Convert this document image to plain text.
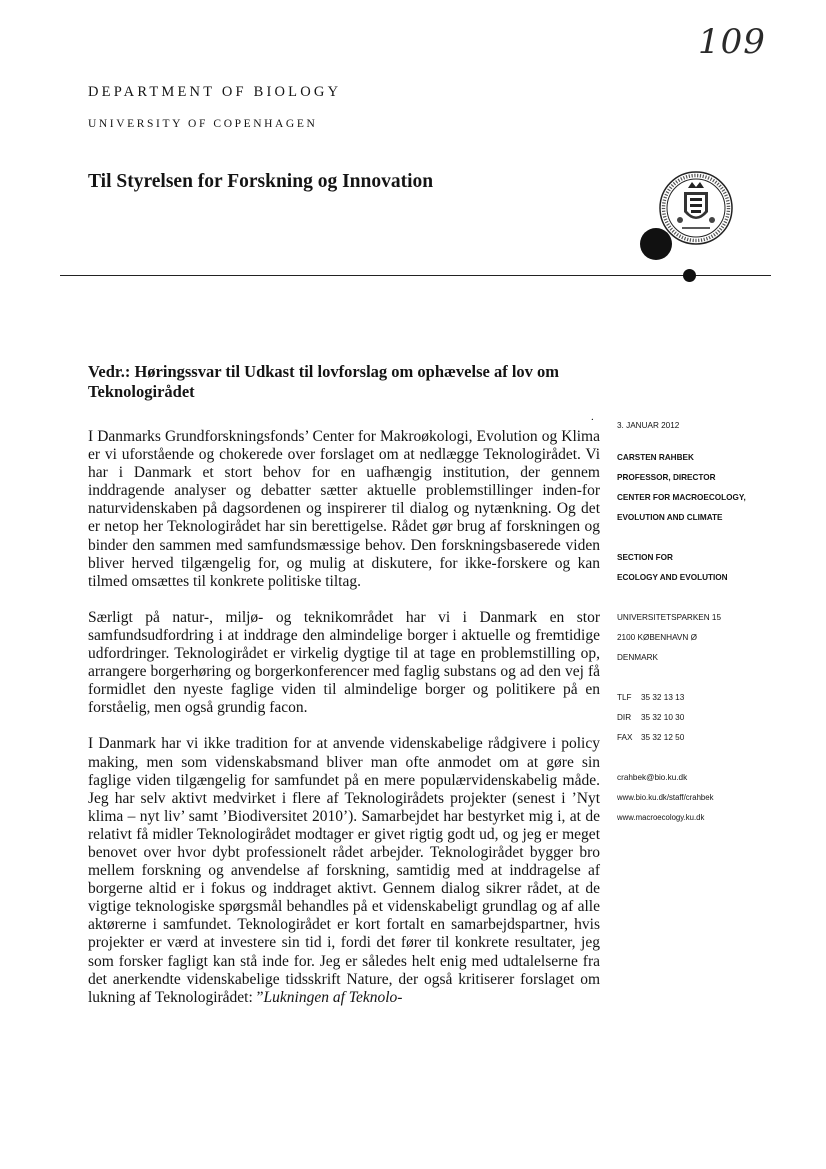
109
DEPARTMENT OF BIOLOGY
UNIVERSITY OF COPENHAGEN
Til Styrelsen for Forskning og Innovation
Vedr.: Høringssvar til Udkast til lovforslag om ophævelse af lov om Teknologirådet
.

I Danmarks Grundforskningsfonds’ Center for Makroøkologi, Evolution og Klima er vi uforstående og chokerede over forslaget om at nedlægge Teknologirådet. Vi har i Danmark et stort behov for en uafhængig institution, der gennem inddragende analyser og debatter sætter aktuelle problemstillinger inden-for naturvidenskaben på dagsordenen og inspirerer til dialog og nytænkning. Og det er netop her Teknologirådet har sin berettigelse. Rådet gør brug af forskningen og binder den sammen med samfundsmæssige behov. Den forskningsbaserede viden bliver herved tilgængelig for, og mulig at diskutere, for ikke-forskere og kan tilmed omsættes til konkrete politiske tiltag.

Særligt på natur-, miljø- og teknikområdet har vi i Danmark en stor samfundsudfordring i at inddrage den almindelige borger i aktuelle og fremtidige udfordringer. Teknologirådet er virkelig dygtige til at tage en problemstilling op, arrangere borgerhøring og borgerkonferencer med faglig substans og ad den vej få formidlet den nyeste faglige viden til almindelige borger og politikere på en forståelig, men også grundig facon.

I Danmark har vi ikke tradition for at anvende videnskabelige rådgivere i policy making, men som videnskabsmand bliver man ofte anmodet om at gøre sin faglige viden tilgængelig for samfundet på en mere populærvidenskabelig måde. Jeg har selv aktivt medvirket i flere af Teknologirådets projekter (senest i ’Nyt klima – nyt liv’ samt ’Biodiversitet 2010’). Samarbejdet har bestyrket mig i, at de relativt få midler Teknologirådet modtager er givet rigtig godt ud, og jeg er meget benovet over hvor dybt professionelt rådet arbejder. Teknologirådet bygger bro mellem forskning og anvendelse af forskning, samtidig med at inddragelse af borgerne altid er i fokus og inddraget aktivt. Gennem dialog sikrer rådet, at de vigtige teknologiske spørgsmål behandles på et videnskabeligt grundlag og af alle aktørerne i samfundet. Teknologirådet er kort fortalt en samarbejdspartner, hvis projekter er værd at investere sin tid i, fordi det fører til konkrete resultater, jeg som forsker fagligt kan stå inde for. Jeg er således helt enig med udtalelserne fra det anerkendte videnskabelige tidsskrift Nature, der også kritiserer forslaget om lukning af Teknologirådet: ”Lukningen af Teknolo-

3. JANUAR 2012
CARSTEN RAHBEK
PROFESSOR, DIRECTOR
CENTER FOR MACROECOLOGY,
EVOLUTION AND CLIMATE
SECTION FOR
ECOLOGY AND EVOLUTION
UNIVERSITETSPARKEN 15
2100 KØBENHAVN Ø
DENMARK
TLF	35 32 13 13
DIR	35 32 10 30
FAX	35 32 12 50
crahbek@bio.ku.dk
www.bio.ku.dk/staff/crahbek
www.macroecology.ku.dk
